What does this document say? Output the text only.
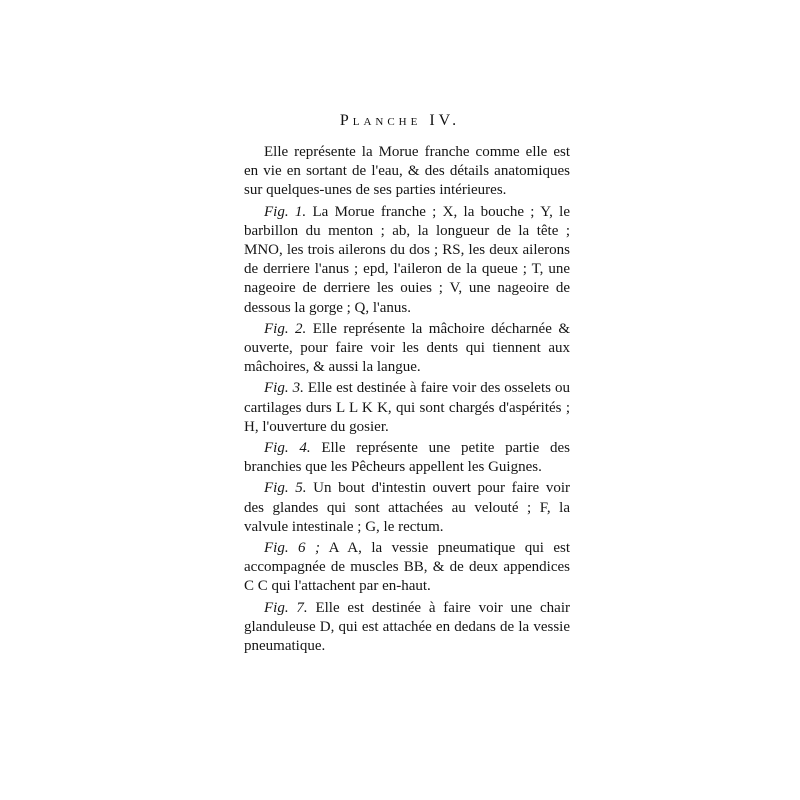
Planche IV.

Elle représente la Morue franche comme elle est en vie en sortant de l'eau, & des détails anatomiques sur quelques-unes de ses parties intérieures.

Fig. 1. La Morue franche ; X, la bouche ; Y, le barbillon du menton ; ab, la longueur de la tête ; MNO, les trois ailerons du dos ; RS, les deux ailerons de derriere l'anus ; epd, l'aileron de la queue ; T, une nageoire de derriere les ouies ; V, une nageoire de dessous la gorge ; Q, l'anus.

Fig. 2. Elle représente la mâchoire décharnée & ouverte, pour faire voir les dents qui tiennent aux mâchoires, & aussi la langue.

Fig. 3. Elle est destinée à faire voir des osselets ou cartilages durs L L K K, qui sont chargés d'aspérités ; H, l'ouverture du gosier.

Fig. 4. Elle représente une petite partie des branchies que les Pêcheurs appellent les Guignes.

Fig. 5. Un bout d'intestin ouvert pour faire voir des glandes qui sont attachées au velouté ; F, la valvule intestinale ; G, le rectum.

Fig. 6 ; A A, la vessie pneumatique qui est accompagnée de muscles BB, & de deux appendices C C qui l'attachent par en-haut.

Fig. 7. Elle est destinée à faire voir une chair glanduleuse D, qui est attachée en dedans de la vessie pneumatique.
